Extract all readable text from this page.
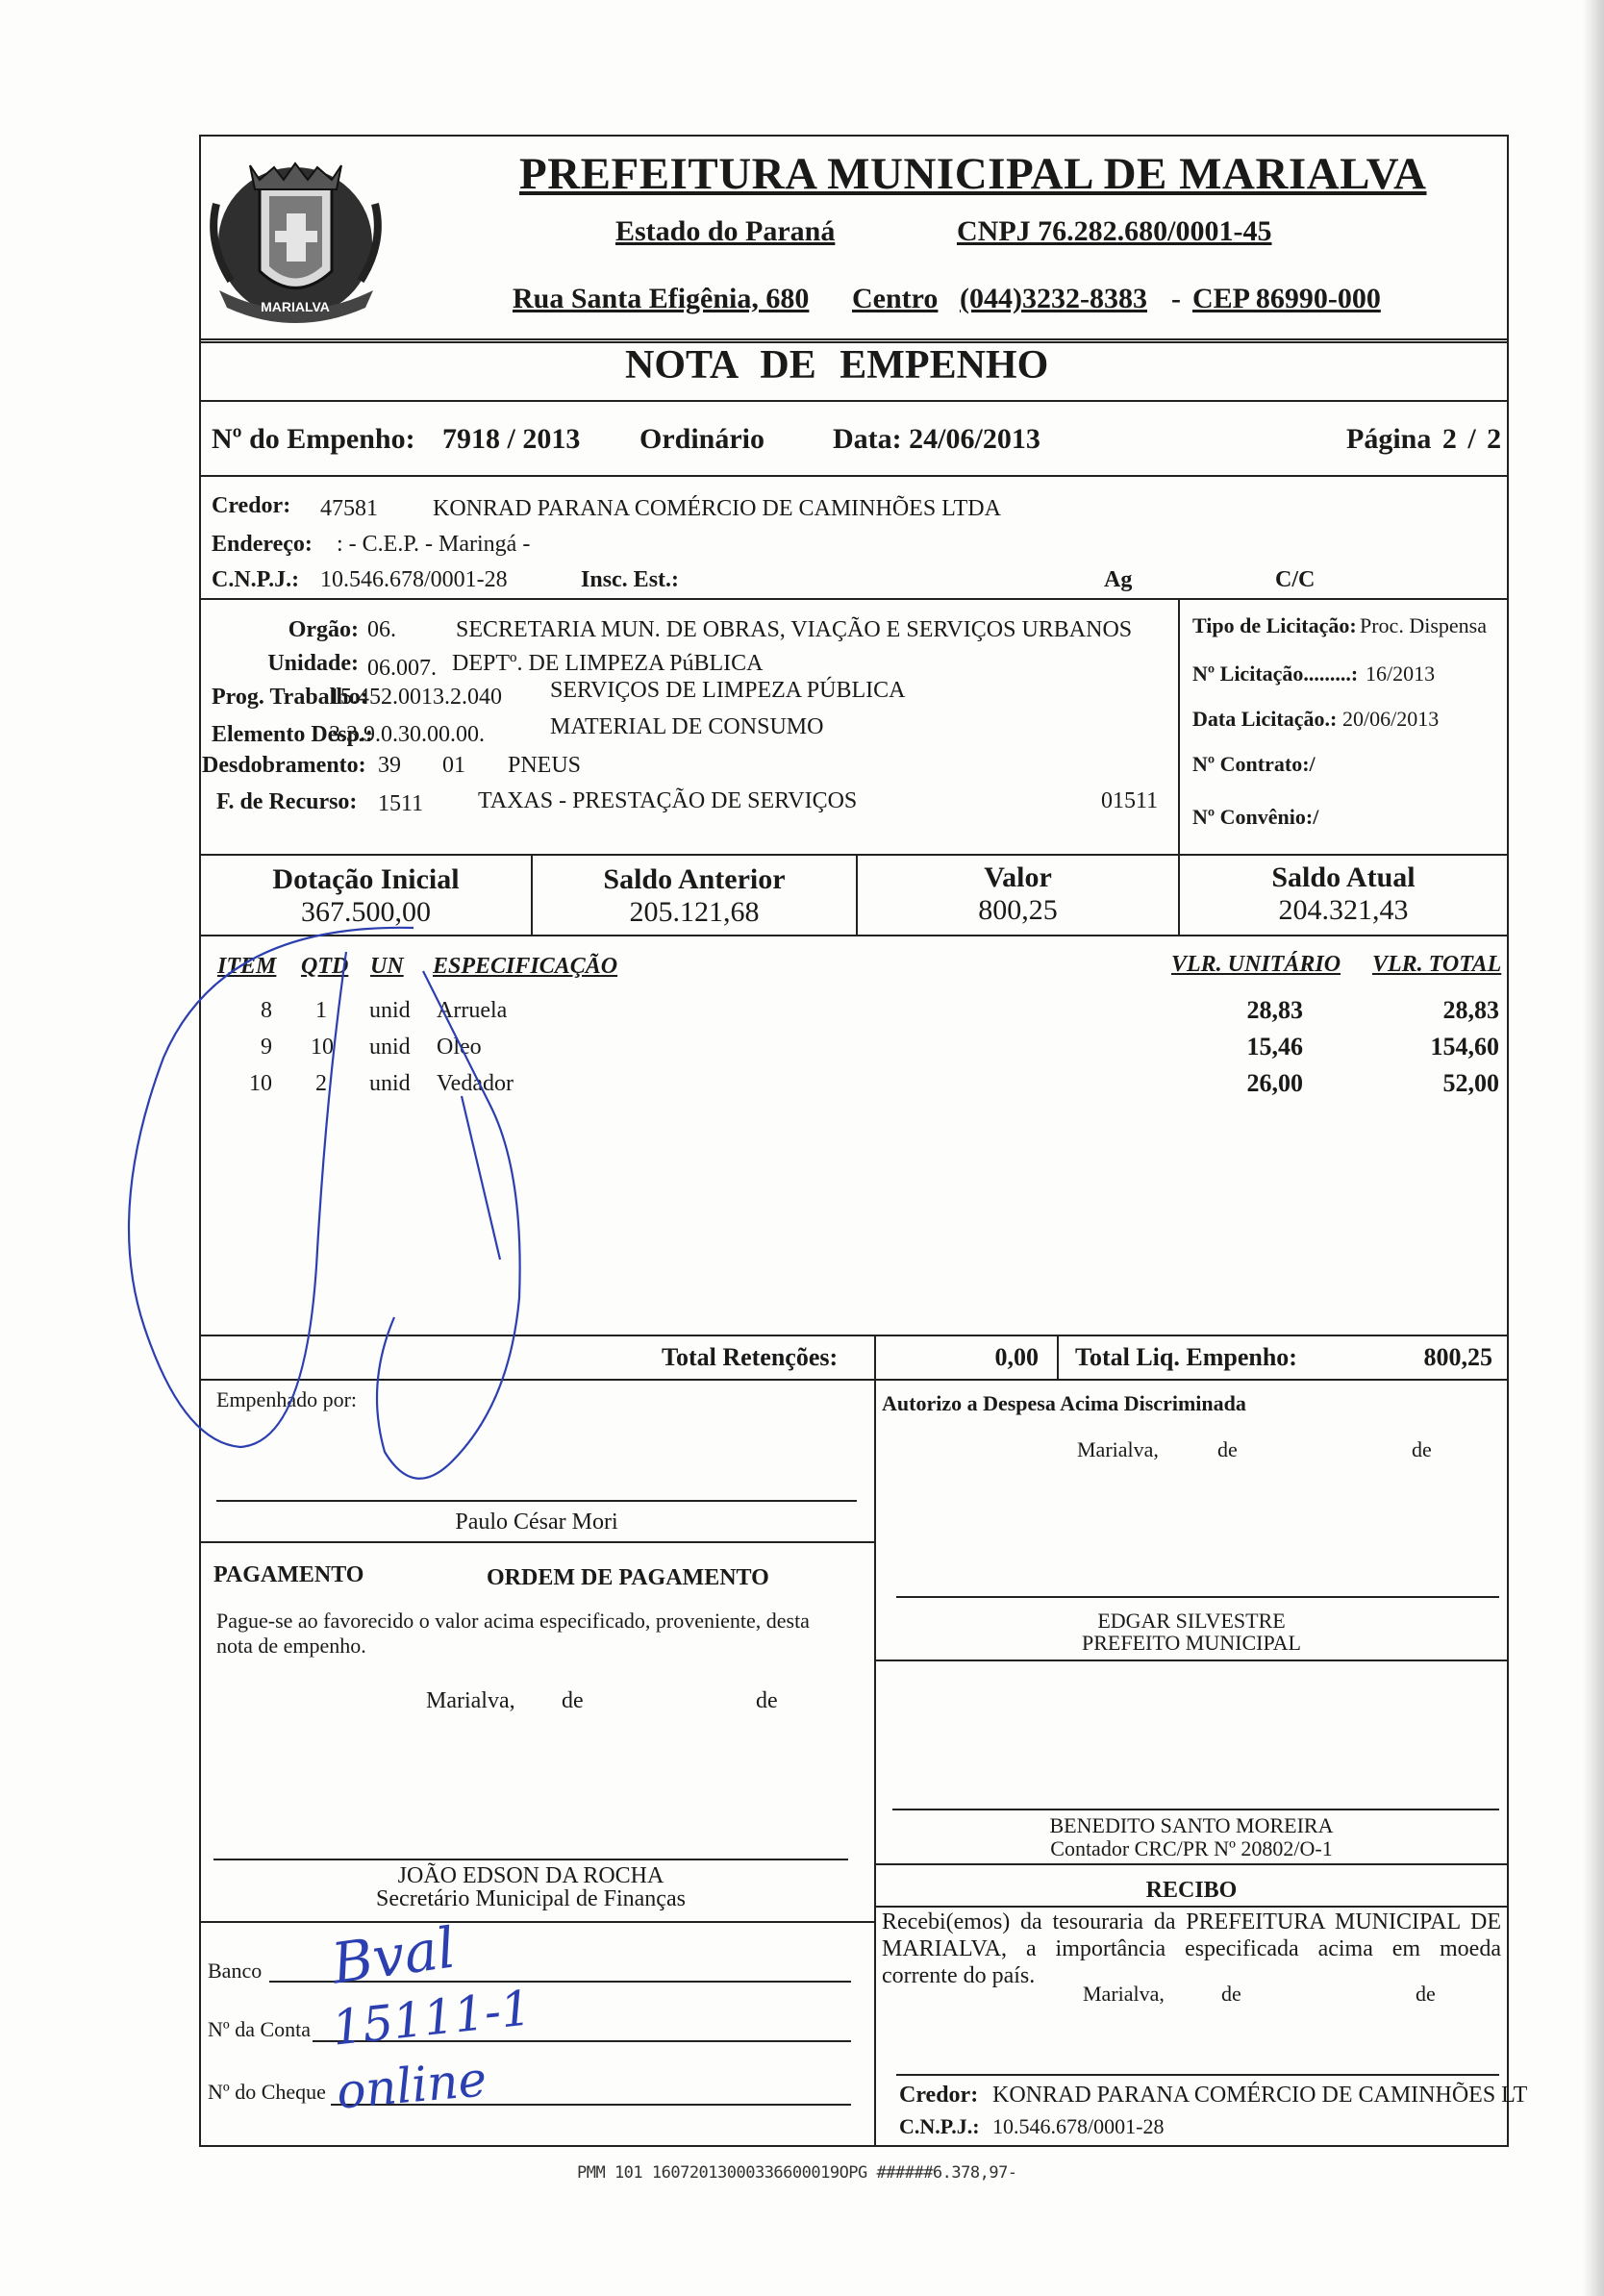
MARIALVA
PREFEITURA MUNICIPAL DE MARIALVA
Estado do Paraná	CNPJ 76.282.680/0001-45
Rua Santa Efigênia, 680 Centro (044)3232-8383 - CEP 86990-000
NOTA DE EMPENHO
Nº do Empenho: 7918 / 2013 Ordinário Data: 24/06/2013	Página 2 / 2
Credor: 47581 KONRAD PARANA COMÉRCIO DE CAMINHÕES LTDA
Endereço: : - C.E.P. - Maringá -
C.N.P.J.: 10.546.678/0001-28	Insc. Est.:	Ag	C/C
Orgão: 06.	SECRETARIA MUN. DE OBRAS, VIAÇÃO E SERVIÇOS URBANOS
Unidade: 06.007. DEPTº. DE LIMPEZA PúBLICA
Prog. Trabalho:
15.452.0013.2.040 SERVIÇOS DE LIMPEZA PÚBLICA
Elemento Desp.:
3.3.9.0.30.00.00.	MATERIAL DE CONSUMO
Desdobramento: 39 01 PNEUS
F. de Recurso: 1511 TAXAS - PRESTAÇÃO DE SERVIÇOS	01511
Tipo de Licitação: Proc. Dispensa
Nº Licitação.........: 16/2013
Data Licitação.: 20/06/2013
Nº Contrato:/
Nº Convênio:/
Dotação Inicial
367.500,00
Saldo Anterior
205.121,68
Valor
800,25
Saldo Atual
204.321,43
ITEM QTD UN ESPECIFICAÇÃO	VLR. UNITÁRIO VLR. TOTAL
8	1 unid Arruela	28,83	28,83
9	10 unid Oleo	15,46	154,60
10	2 unid Vedador	26,00	52,00
Total Retenções:	0,00 Total Liq. Empenho:	800,25
Empenhado por:
Paulo César Mori
PAGAMENTO	ORDEM DE PAGAMENTO
Pague-se ao favorecido o valor acima especificado, proveniente, desta nota de empenho.
Marialva, de	de
JOÃO EDSON DA ROCHA
Secretário Municipal de Finanças
Banco
Nº da Conta
Nº do Cheque
Bval
15111-1
online
Autorizo a Despesa Acima Discriminada
Marialva,	de	de
EDGAR SILVESTRE
PREFEITO MUNICIPAL
BENEDITO SANTO MOREIRA
Contador CRC/PR Nº 20802/O-1
RECIBO
Recebi(emos) da tesouraria da PREFEITURA MUNICIPAL DE MARIALVA, a importância especificada acima em moeda corrente do país.
Marialva,	de	de
Credor: KONRAD PARANA COMÉRCIO DE CAMINHÕES LT
C.N.P.J.: 10.546.678/0001-28
PMM 101 16072013000336600019OPG ######6.378,97-
